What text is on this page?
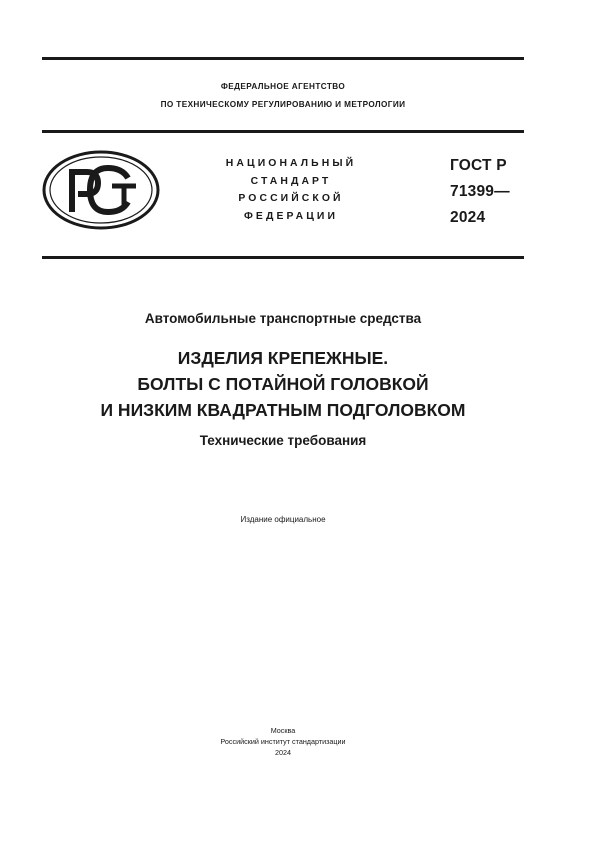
ФЕДЕРАЛЬНОЕ АГЕНТСТВО
ПО ТЕХНИЧЕСКОМУ РЕГУЛИРОВАНИЮ И МЕТРОЛОГИИ
НАЦИОНАЛЬНЫЙ
СТАНДАРТ
РОССИЙСКОЙ
ФЕДЕРАЦИИ
ГОСТ Р
71399—
2024
Автомобильные транспортные средства
ИЗДЕЛИЯ КРЕПЕЖНЫЕ.
БОЛТЫ С ПОТАЙНОЙ ГОЛОВКОЙ
И НИЗКИМ КВАДРАТНЫМ ПОДГОЛОВКОМ
Технические требования
Издание официальное
Москва
Российский институт стандартизации
2024
